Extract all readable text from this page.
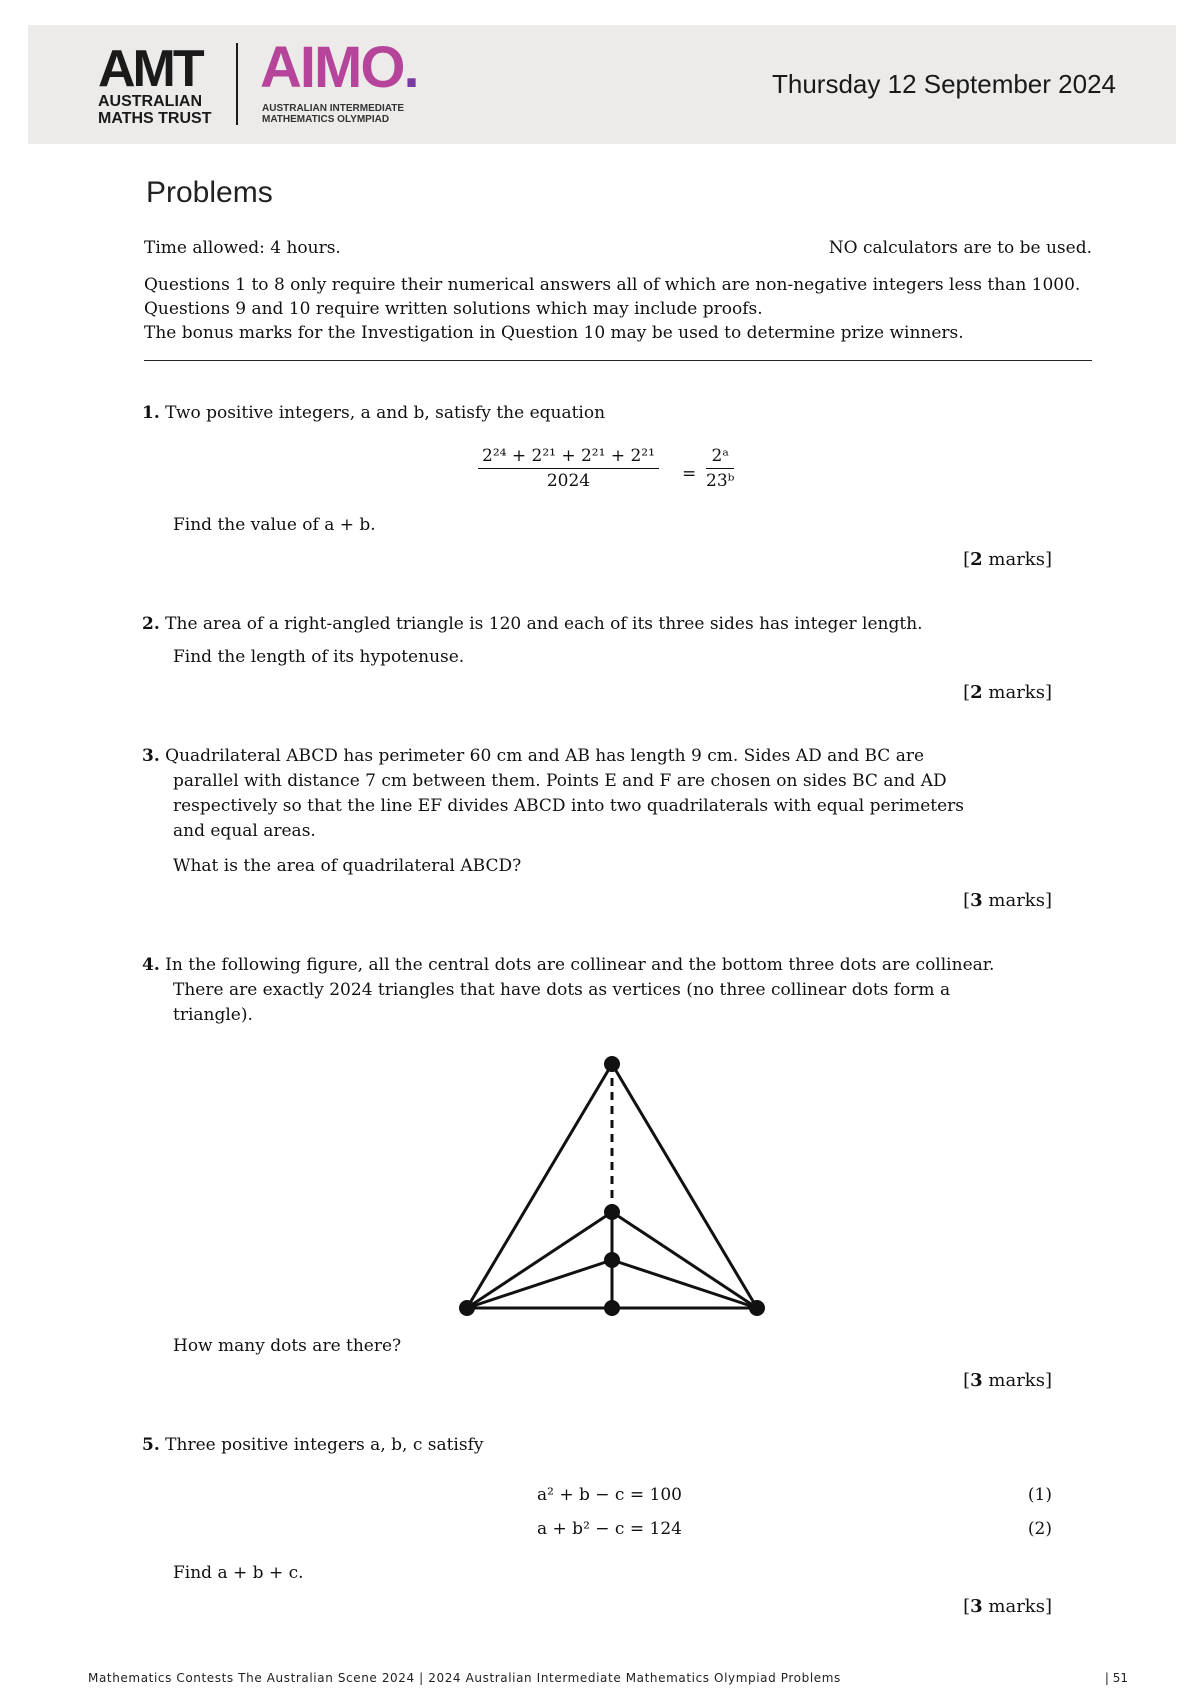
AMT
AUSTRALIAN
MATHS TRUST
AIMO.
AUSTRALIAN INTERMEDIATE
MATHEMATICS OLYMPIAD
Thursday 12 September 2024
Problems
Time allowed: 4 hours.	NO calculators are to be used.
Questions 1 to 8 only require their numerical answers all of which are non-negative integers less than 1000.
Questions 9 and 10 require written solutions which may include proofs.
The bonus marks for the Investigation in Question 10 may be used to determine prize winners.
1. Two positive integers, a and b, satisfy the equation
$\frac{\text{2²⁴ + 2²¹ + 2²¹ + 2²¹}}{2024} = \frac{\text{2ᵃ}}{\text{23ᵇ}}$
Find the value of a + b.
[2 marks]
2. The area of a right-angled triangle is 120 and each of its three sides has integer length.
Find the length of its hypotenuse.
[2 marks]
3. Quadrilateral ABCD has perimeter 60 cm and AB has length 9 cm. Sides AD and BC are
parallel with distance 7 cm between them. Points E and F are chosen on sides BC and AD
respectively so that the line EF divides ABCD into two quadrilaterals with equal perimeters
and equal areas.
What is the area of quadrilateral ABCD?
[3 marks]
4. In the following figure, all the central dots are collinear and the bottom three dots are collinear.
There are exactly 2024 triangles that have dots as vertices (no three collinear dots form a
triangle).
How many dots are there?
[3 marks]
5. Three positive integers a, b, c satisfy
a² + b − c = 100	(1)
a + b² − c = 124	(2)
Find a + b + c.
[3 marks]
Mathematics Contests The Australian Scene 2024 | 2024 Australian Intermediate Mathematics Olympiad Problems	| 51
